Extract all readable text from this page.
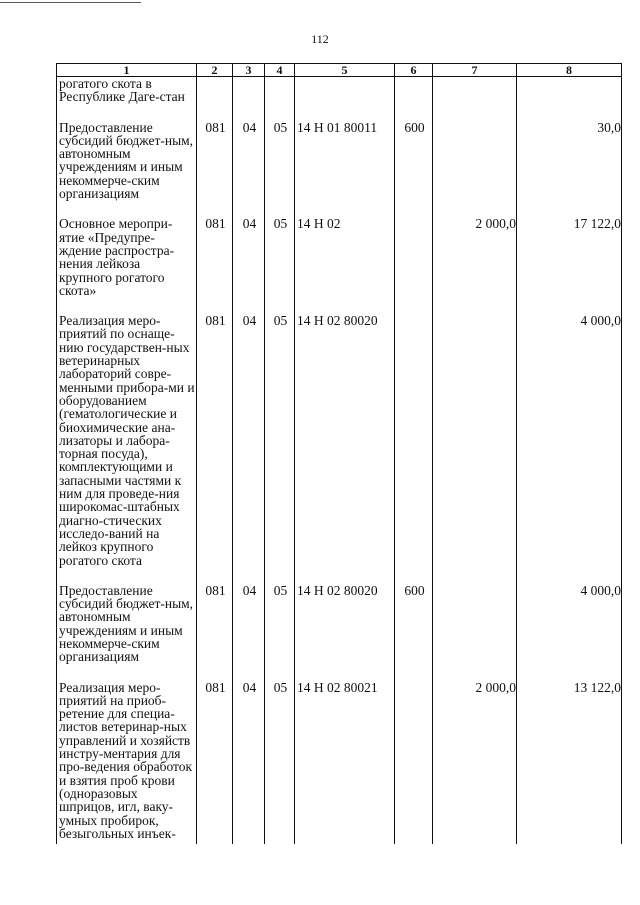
112
1	2	3	4	5	6	7	8
рогатого скота в Республике Даге-стан							
Предоставление субсидий бюджет-ным, автономным учреждениям и иным некоммерче-ским организациям	081	04	05	14 Н 01 80011	600		30,0
Основное меропри-ятие «Предупре-ждение распростра-нения лейкоза крупного рогатого скота»	081	04	05	14 Н 02		2 000,0	17 122,0
Реализация меро-приятий по оснаще-нию государствен-ных ветеринарных лабораторий совре-менными прибора-ми и оборудованием (гематологические и биохимические ана-лизаторы и лабора-торная посуда), комплектующими и запасными частями к ним для проведе-ния широкомас-штабных диагно-стических исследо-ваний на лейкоз крупного рогатого скота	081	04	05	14 Н 02 80020			4 000,0
Предоставление субсидий бюджет-ным, автономным учреждениям и иным некоммерче-ским организациям	081	04	05	14 Н 02 80020	600		4 000,0
Реализация меро-приятий на приоб-ретение для специа-листов ветеринар-ных управлений и хозяйств инстру-ментария для про-ведения обработок и взятия проб крови (одноразовых шприцов, игл, ваку-умных пробирок, безыгольных инъек-	081	04	05	14 Н 02 80021		2 000,0	13 122,0
